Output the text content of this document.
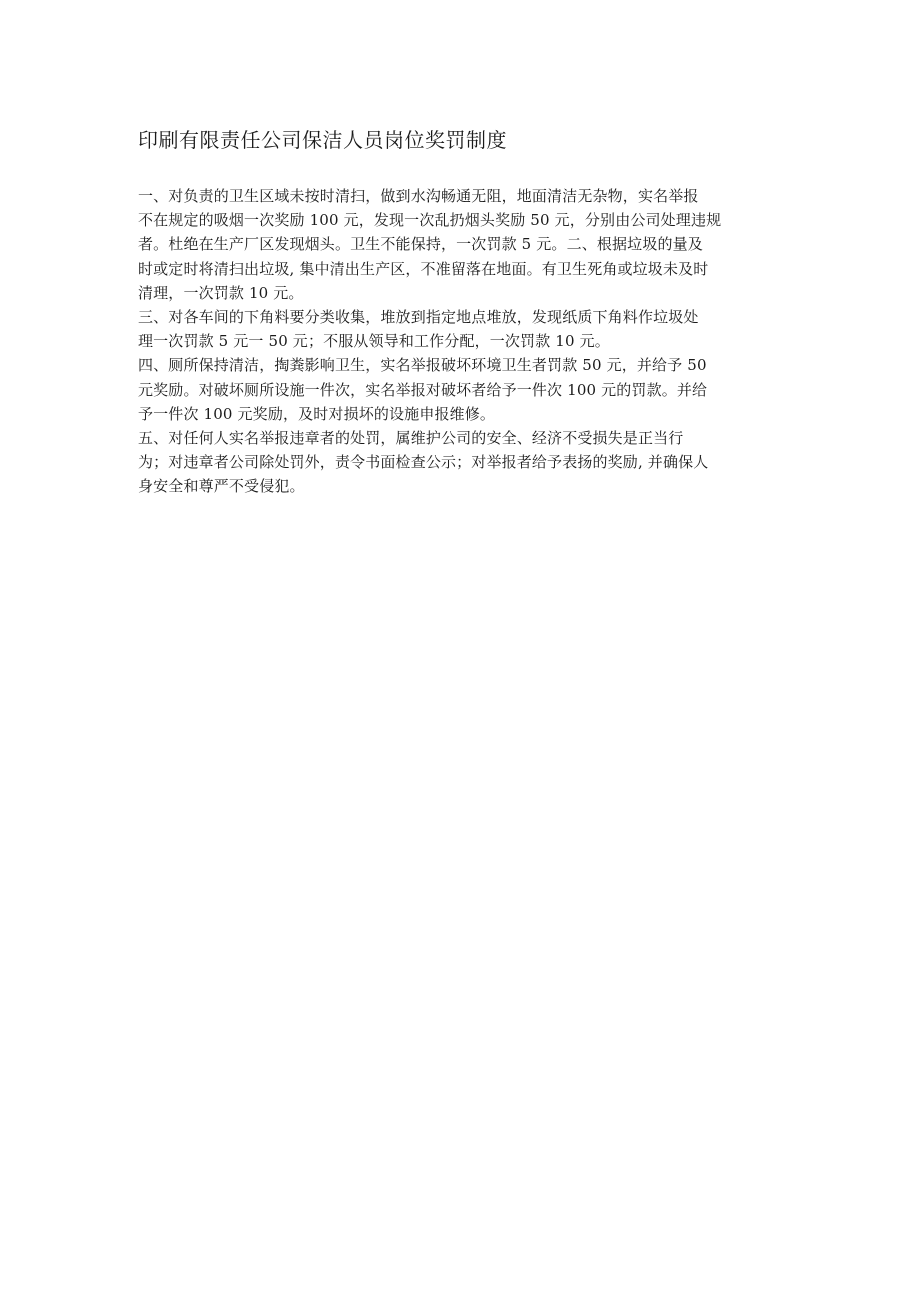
印刷有限责任公司保洁人员岗位奖罚制度
一、对负责的卫生区域未按时清扫，做到水沟畅通无阻，地面清洁无杂物，实名举报
不在规定的吸烟一次奖励 100 元，发现一次乱扔烟头奖励 50 元，分别由公司处理违规
者。杜绝在生产厂区发现烟头。卫生不能保持，一次罚款 5 元。二、根据垃圾的量及
时或定时将清扫出垃圾, 集中清出生产区，不准留落在地面。有卫生死角或垃圾未及时
清理，一次罚款 10 元。
三、对各车间的下角料要分类收集，堆放到指定地点堆放，发现纸质下角料作垃圾处
理一次罚款 5 元一 50 元；不服从领导和工作分配，一次罚款 10 元。
四、厕所保持清洁，掏粪影响卫生，实名举报破坏环境卫生者罚款 50 元，并给予 50
元奖励。对破坏厕所设施一件次，实名举报对破坏者给予一件次 100 元的罚款。并给
予一件次 100 元奖励，及时对损坏的设施申报维修。
五、对任何人实名举报违章者的处罚，属维护公司的安全、经济不受损失是正当行
为；对违章者公司除处罚外，责令书面检查公示；对举报者给予表扬的奖励, 并确保人
身安全和尊严不受侵犯。
